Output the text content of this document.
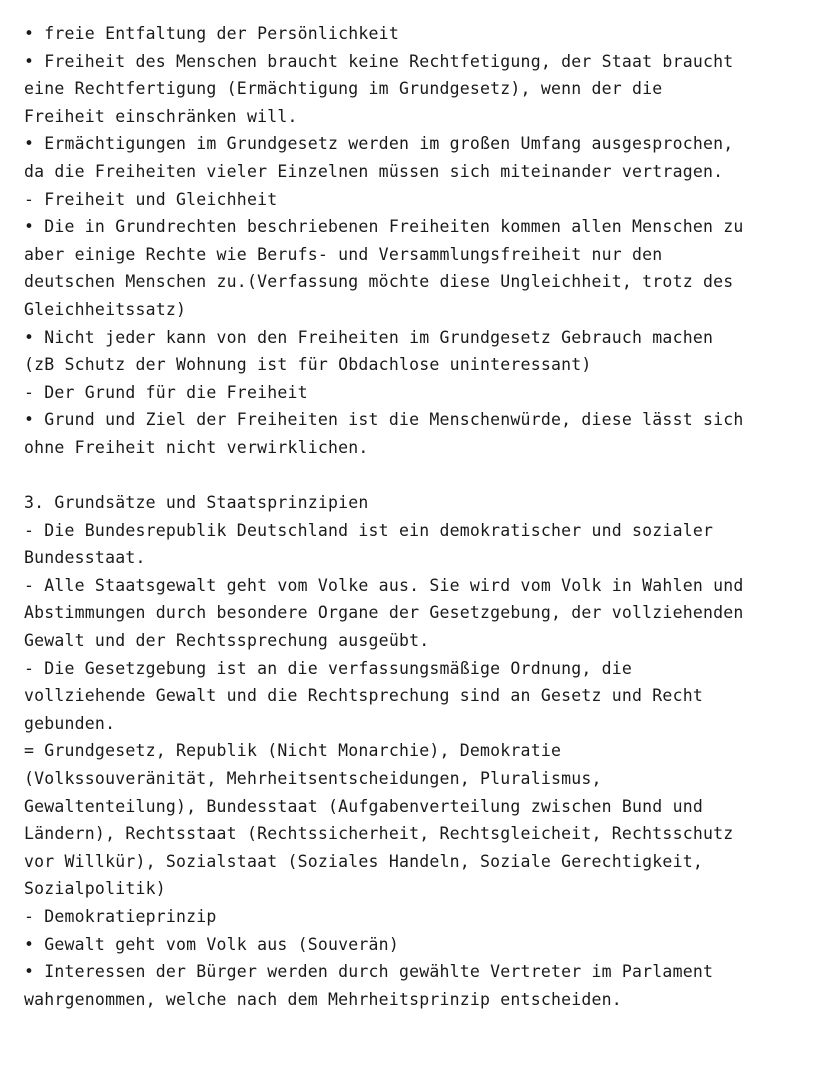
• freie Entfaltung der Persönlichkeit
• Freiheit des Menschen braucht keine Rechtfetigung, der Staat braucht
eine Rechtfertigung (Ermächtigung im Grundgesetz), wenn der die
Freiheit einschränken will.
• Ermächtigungen im Grundgesetz werden im großen Umfang ausgesprochen,
da die Freiheiten vieler Einzelnen müssen sich miteinander vertragen.
- Freiheit und Gleichheit
• Die in Grundrechten beschriebenen Freiheiten kommen allen Menschen zu
aber einige Rechte wie Berufs- und Versammlungsfreiheit nur den
deutschen Menschen zu.(Verfassung möchte diese Ungleichheit, trotz des
Gleichheitssatz)
• Nicht jeder kann von den Freiheiten im Grundgesetz Gebrauch machen
(zB Schutz der Wohnung ist für Obdachlose uninteressant)
- Der Grund für die Freiheit
• Grund und Ziel der Freiheiten ist die Menschenwürde, diese lässt sich
ohne Freiheit nicht verwirklichen.
3. Grundsätze und Staatsprinzipien
- Die Bundesrepublik Deutschland ist ein demokratischer und sozialer
Bundesstaat.
- Alle Staatsgewalt geht vom Volke aus. Sie wird vom Volk in Wahlen und
Abstimmungen durch besondere Organe der Gesetzgebung, der vollziehenden
Gewalt und der Rechtssprechung ausgeübt.
- Die Gesetzgebung ist an die verfassungsmäßige Ordnung, die
vollziehende Gewalt und die Rechtsprechung sind an Gesetz und Recht
gebunden.
= Grundgesetz, Republik (Nicht Monarchie), Demokratie
(Volkssouveränität, Mehrheitsentscheidungen, Pluralismus,
Gewaltenteilung), Bundesstaat (Aufgabenverteilung zwischen Bund und
Ländern), Rechtsstaat (Rechtssicherheit, Rechtsgleicheit, Rechtsschutz
vor Willkür), Sozialstaat (Soziales Handeln, Soziale Gerechtigkeit,
Sozialpolitik)
- Demokratieprinzip
• Gewalt geht vom Volk aus (Souverän)
• Interessen der Bürger werden durch gewählte Vertreter im Parlament
wahrgenommen, welche nach dem Mehrheitsprinzip entscheiden.
